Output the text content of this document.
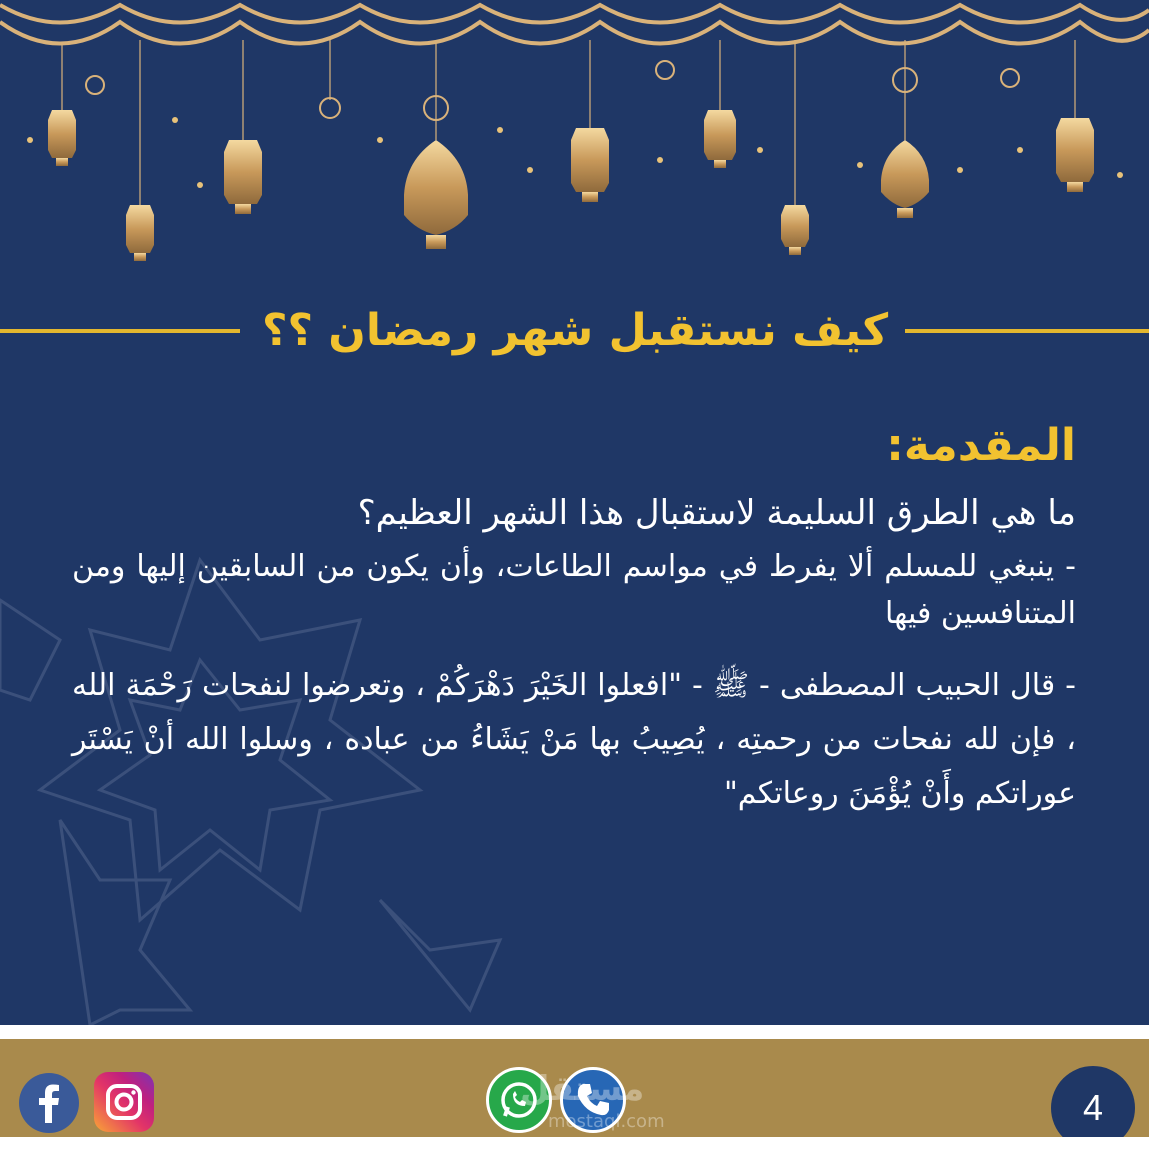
كيف نستقبل شهر رمضان ؟؟
المقدمة:
ما هي الطرق السليمة لاستقبال هذا الشهر العظيم؟
- ينبغي للمسلم ألا يفرط في مواسم الطاعات، وأن يكون من السابقين إليها ومن المتنافسين فيها
- قال الحبيب المصطفى - ﷺ - "افعلوا الخَيْرَ دَهْرَكُمْ ، وتعرضوا لنفحات رَحْمَة الله ، فإن لله نفحات من رحمتِه ، يُصِيبُ بها مَنْ يَشَاءُ من عباده ، وسلوا الله أنْ يَسْتَر عوراتكم وأَنْ يُؤْمَنَ روعاتكم"
مستقل
mostaql.com	4
